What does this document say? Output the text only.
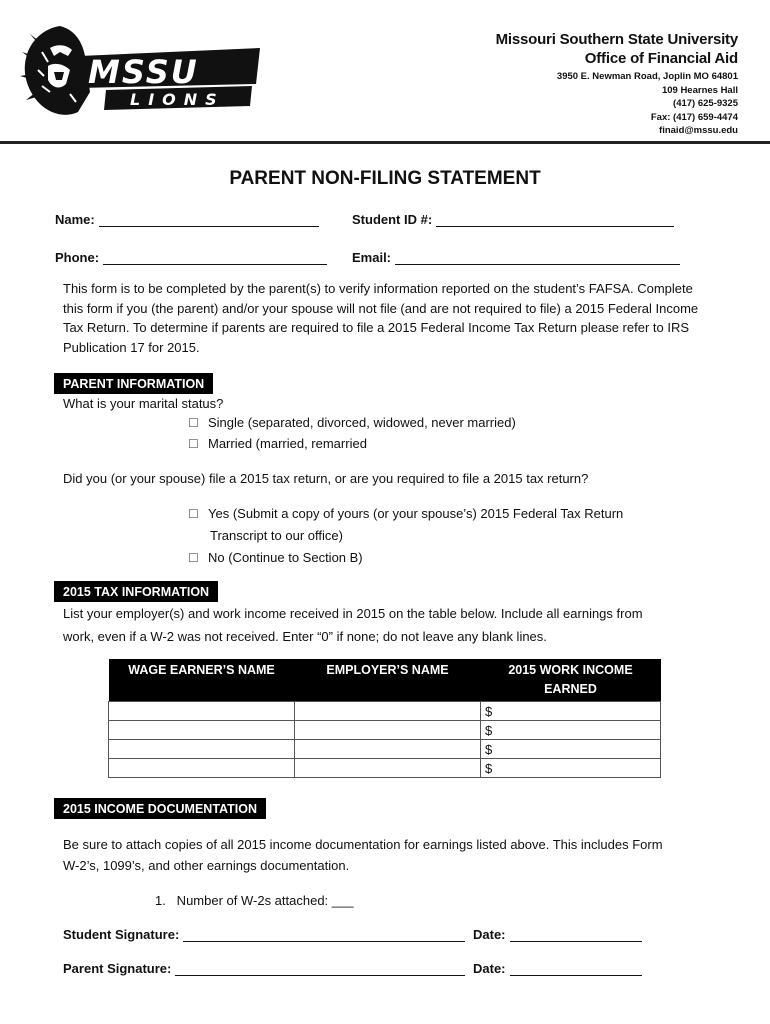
MSSU
LIONS
Missouri Southern State University
Office of Financial Aid
3950 E. Newman Road, Joplin MO 64801
109 Hearnes Hall
(417) 625-9325
Fax: (417) 659-4474
finaid@mssu.edu
PARENT NON-FILING STATEMENT
Name:	Student ID #:
Phone:	Email:
This form is to be completed by the parent(s) to verify information reported on the student’s FAFSA. Complete this form if you (the parent) and/or your spouse will not file (and are not required to file) a 2015 Federal Income Tax Return. To determine if parents are required to file a 2015 Federal Income Tax Return please refer to IRS Publication 17 for 2015.
PARENT INFORMATION
What is your marital status?
☐ Single (separated, divorced, widowed, never married)
☐ Married (married, remarried
Did you (or your spouse) file a 2015 tax return, or are you required to file a 2015 tax return?
☐ Yes (Submit a copy of yours (or your spouse’s) 2015 Federal Tax Return
Transcript to our office)
☐ No (Continue to Section B)
2015 TAX INFORMATION
List your employer(s) and work income received in 2015 on the table below. Include all earnings from
work, even if a W-2 was not received. Enter “0” if none; do not leave any blank lines.
WAGE EARNER’S NAME	EMPLOYER’S NAME	2015 WORK INCOME EARNED
		$
		$
		$
		$
2015 INCOME DOCUMENTATION
Be sure to attach copies of all 2015 income documentation for earnings listed above. This includes Form
W-2’s, 1099’s, and other earnings documentation.
1.   Number of W-2s attached: ___
Student Signature:	Date:
Parent Signature:	Date:
